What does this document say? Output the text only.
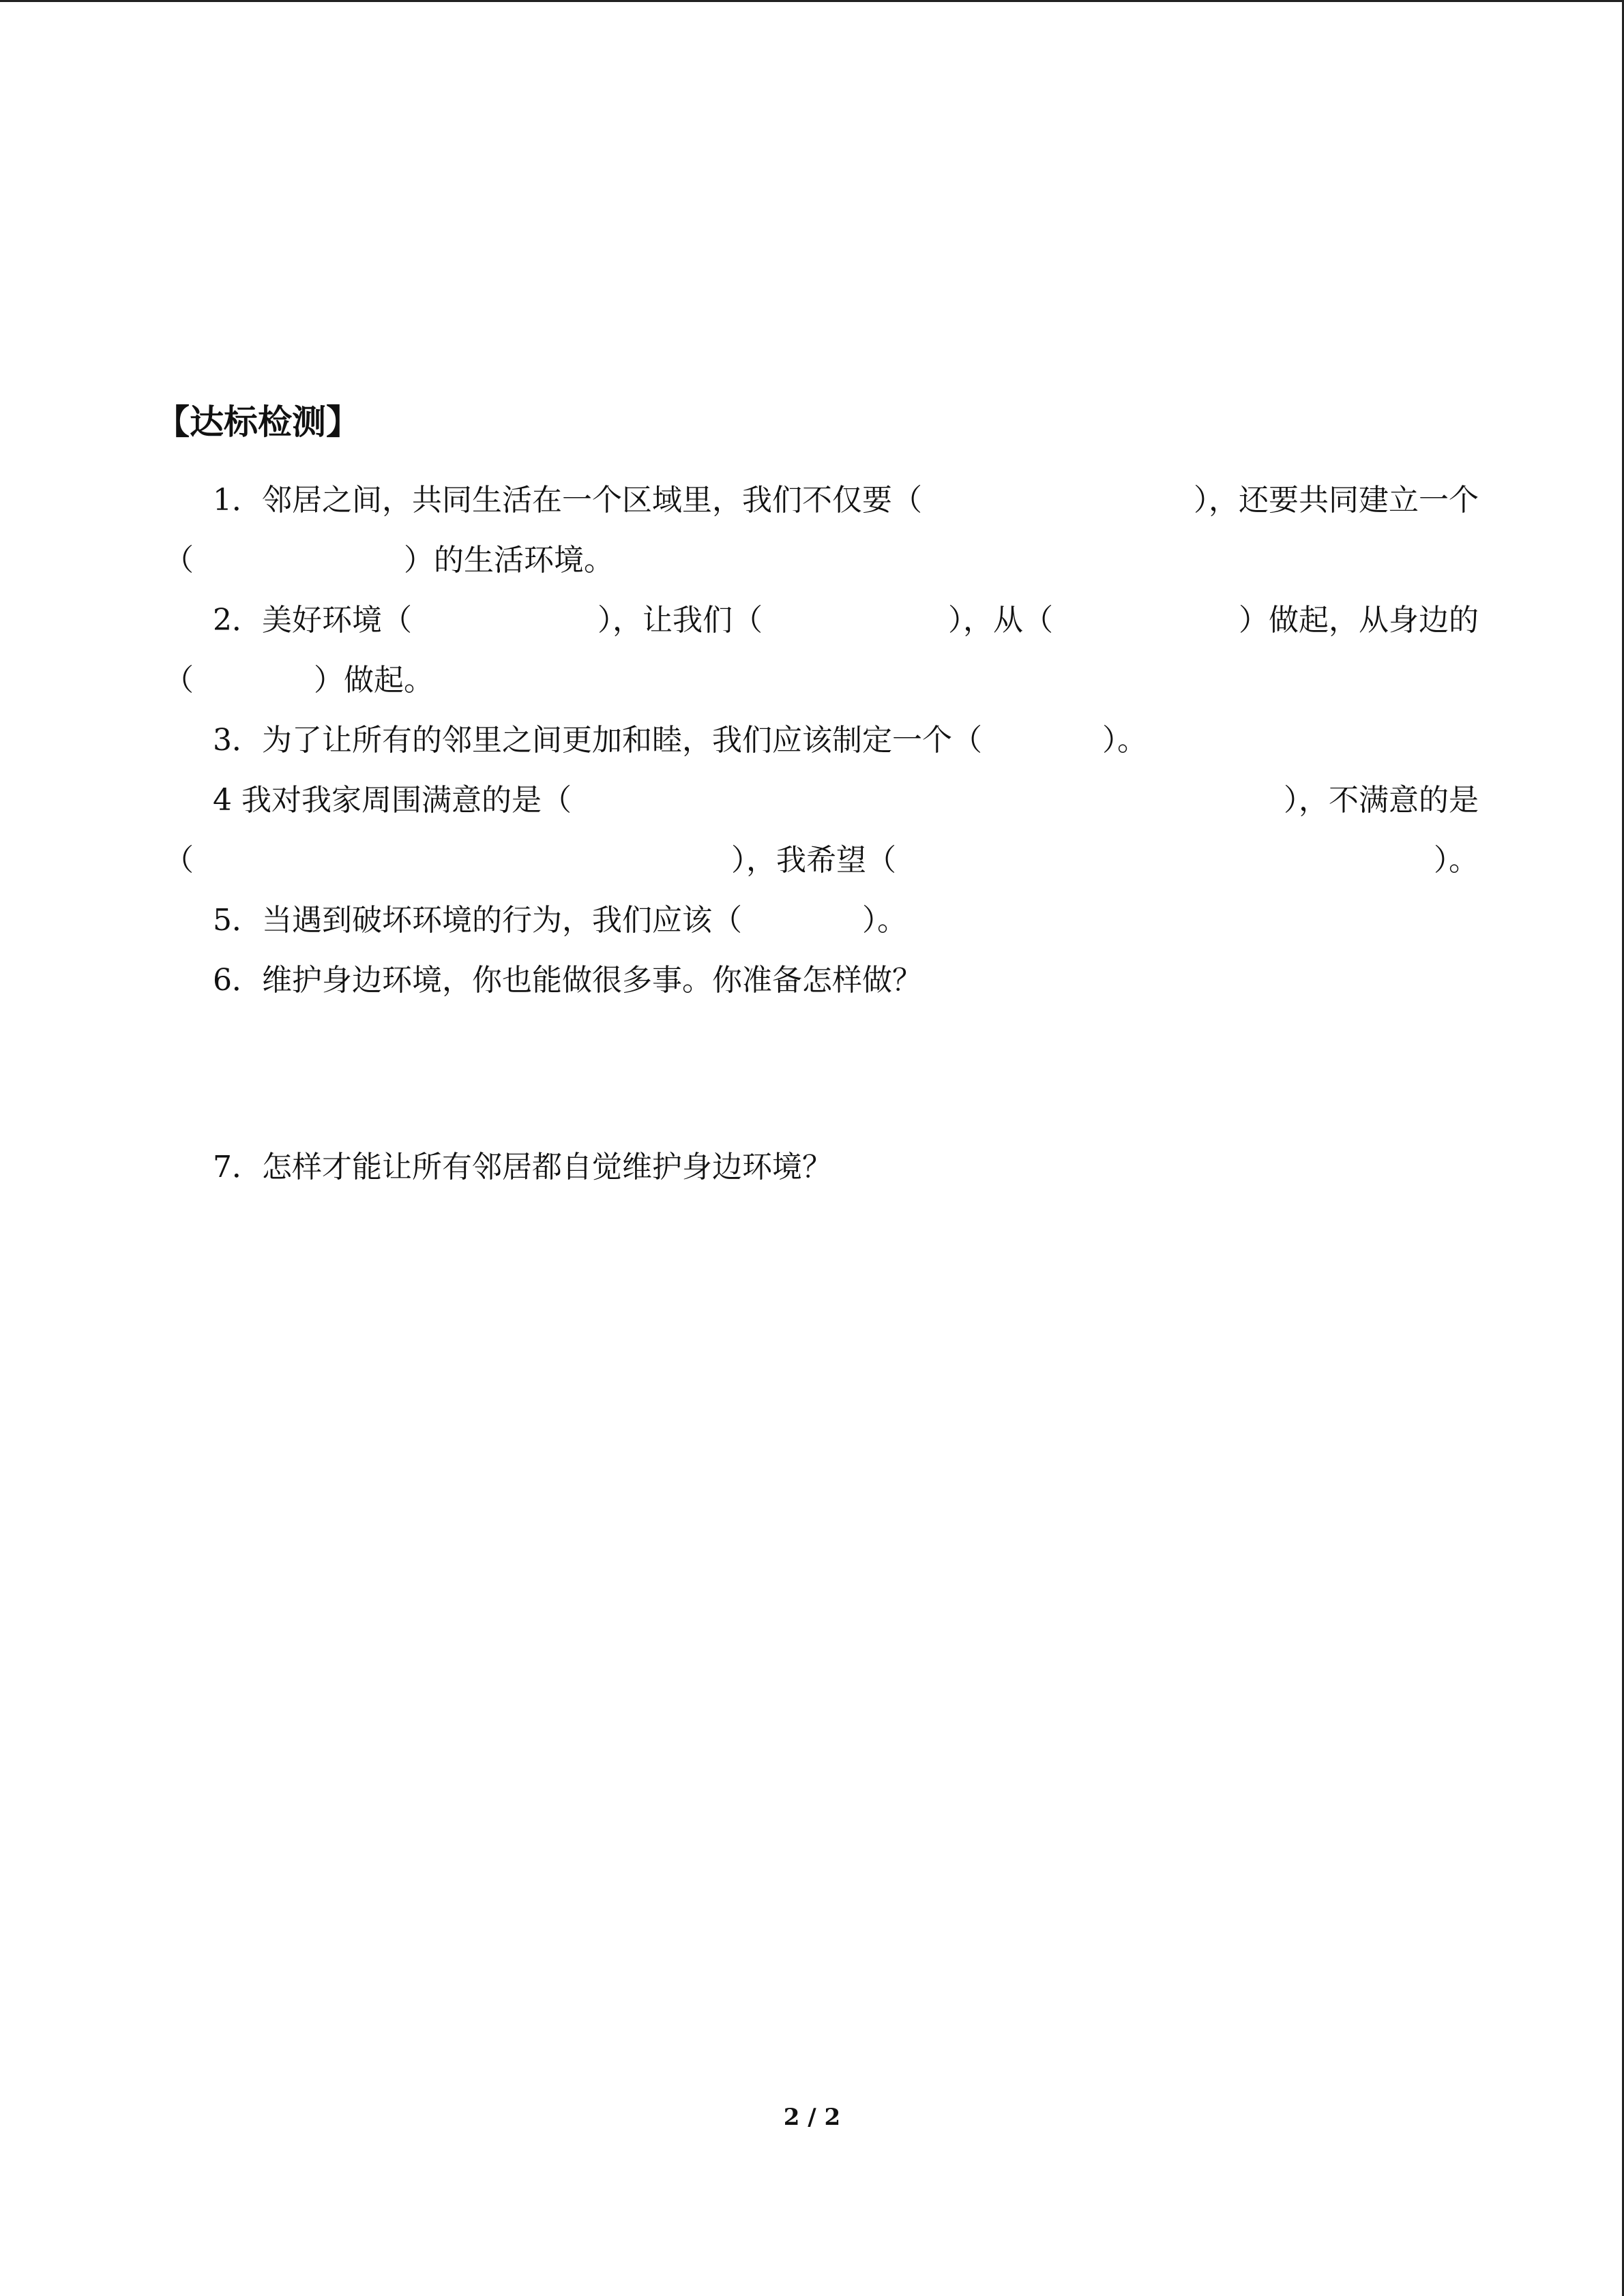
【达标检测】
1．邻居之间，共同生活在一个区域里，我们不仅要（	），还要共同建立一个
（　　　　　　　）的生活环境。
2．美好环境（	），让我们（	），从（	）做起，从身边的
（　　　　）做起。
3．为了让所有的邻里之间更加和睦，我们应该制定一个（　　　　）。
4 我对我家周围满意的是（	），不满意的是
（	），我希望（	）。
5．当遇到破坏环境的行为，我们应该（　　　　）。
6．维护身边环境，你也能做很多事。你准备怎样做？
7．怎样才能让所有邻居都自觉维护身边环境？
2 / 2
